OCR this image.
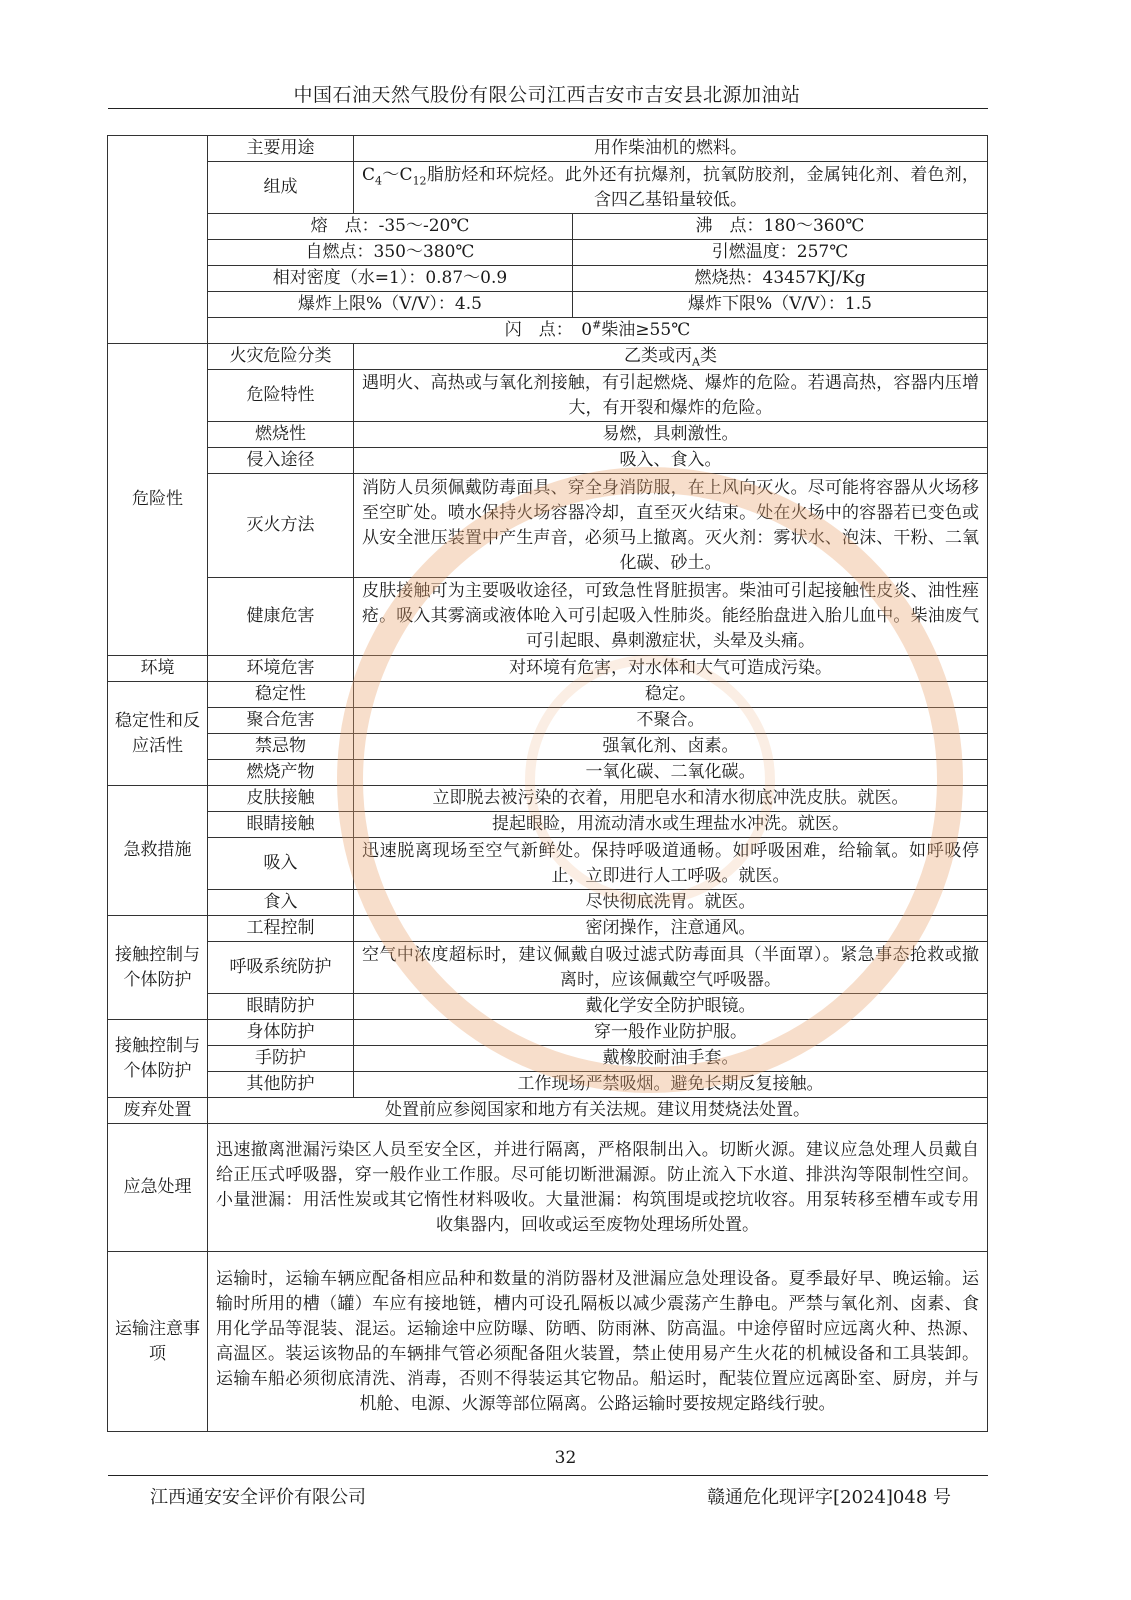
中国石油天然气股份有限公司江西吉安市吉安县北源加油站
	主要用途	用作柴油机的燃料。	
	组成	$C_4\sim C_{12}$脂肪烃和环烷烃。此外还有抗爆剂，抗氧防胶剂，金属钝化剂、着色剂，含四乙基铅量较低。	
	熔　点：-35～-20℃		沸　点：180～360℃
	自燃点：350～380℃		引燃温度：257℃
	相对密度（水=1）：0.87～0.9		燃烧热：43457KJ/Kg
	爆炸上限%（V/V）：4.5		爆炸下限%（V/V）：1.5
	闪　点：　0#柴油≥55℃		

危险性	火灾危险分类	乙类或丙$_A$类	
	危险特性	遇明火、高热或与氧化剂接触，有引起燃烧、爆炸的危险。若遇高热，容器内压增大，有开裂和爆炸的危险。	
	燃烧性	易燃，具刺激性。	
	侵入途径	吸入、食入。	
	灭火方法	消防人员须佩戴防毒面具、穿全身消防服，在上风向灭火。尽可能将容器从火场移至空旷处。喷水保持火场容器冷却，直至灭火结束。处在火场中的容器若已变色或从安全泄压装置中产生声音，必须马上撤离。灭火剂：雾状水、泡沫、干粉、二氧化碳、砂土。	
	健康危害	皮肤接触可为主要吸收途径，可致急性肾脏损害。柴油可引起接触性皮炎、油性痤疮。吸入其雾滴或液体呛入可引起吸入性肺炎。能经胎盘进入胎儿血中。柴油废气可引起眼、鼻刺激症状，头晕及头痛。	
环境	环境危害	对环境有危害，对水体和大气可造成污染。	
稳定性和反应活性	稳定性	稳定。	
	聚合危害	不聚合。	
	禁忌物	强氧化剂、卤素。	
	燃烧产物	一氧化碳、二氧化碳。	
急救措施	皮肤接触	立即脱去被污染的衣着，用肥皂水和清水彻底冲洗皮肤。就医。	
	眼睛接触	提起眼睑，用流动清水或生理盐水冲洗。就医。	
	吸入	迅速脱离现场至空气新鲜处。保持呼吸道通畅。如呼吸困难，给输氧。如呼吸停止，立即进行人工呼吸。就医。	
	食入	尽快彻底洗胃。就医。	
接触控制与个体防护	工程控制	密闭操作，注意通风。	
	呼吸系统防护	空气中浓度超标时，建议佩戴自吸过滤式防毒面具（半面罩）。紧急事态抢救或撤离时，应该佩戴空气呼吸器。	
	眼睛防护	戴化学安全防护眼镜。	
接触控制与个体防护	身体防护	穿一般作业防护服。	
	手防护	戴橡胶耐油手套。	
	其他防护	工作现场严禁吸烟。避免长期反复接触。	
废弃处置	处置前应参阅国家和地方有关法规。建议用焚烧法处置。		
应急处理	迅速撤离泄漏污染区人员至安全区，并进行隔离，严格限制出入。切断火源。建议应急处理人员戴自给正压式呼吸器，穿一般作业工作服。尽可能切断泄漏源。防止流入下水道、排洪沟等限制性空间。小量泄漏：用活性炭或其它惰性材料吸收。大量泄漏：构筑围堤或挖坑收容。用泵转移至槽车或专用收集器内，回收或运至废物处理场所处置。		
运输注意事项	运输时，运输车辆应配备相应品种和数量的消防器材及泄漏应急处理设备。夏季最好早、晚运输。运输时所用的槽（罐）车应有接地链，槽内可设孔隔板以减少震荡产生静电。严禁与氧化剂、卤素、食用化学品等混装、混运。运输途中应防曝、防晒、防雨淋、防高温。中途停留时应远离火种、热源、高温区。装运该物品的车辆排气管必须配备阻火装置，禁止使用易产生火花的机械设备和工具装卸。运输车船必须彻底清洗、消毒，否则不得装运其它物品。船运时，配装位置应远离卧室、厨房，并与机舱、电源、火源等部位隔离。公路运输时要按规定路线行驶。		
32
江西通安安全评价有限公司	赣通危化现评字[2024]048 号
